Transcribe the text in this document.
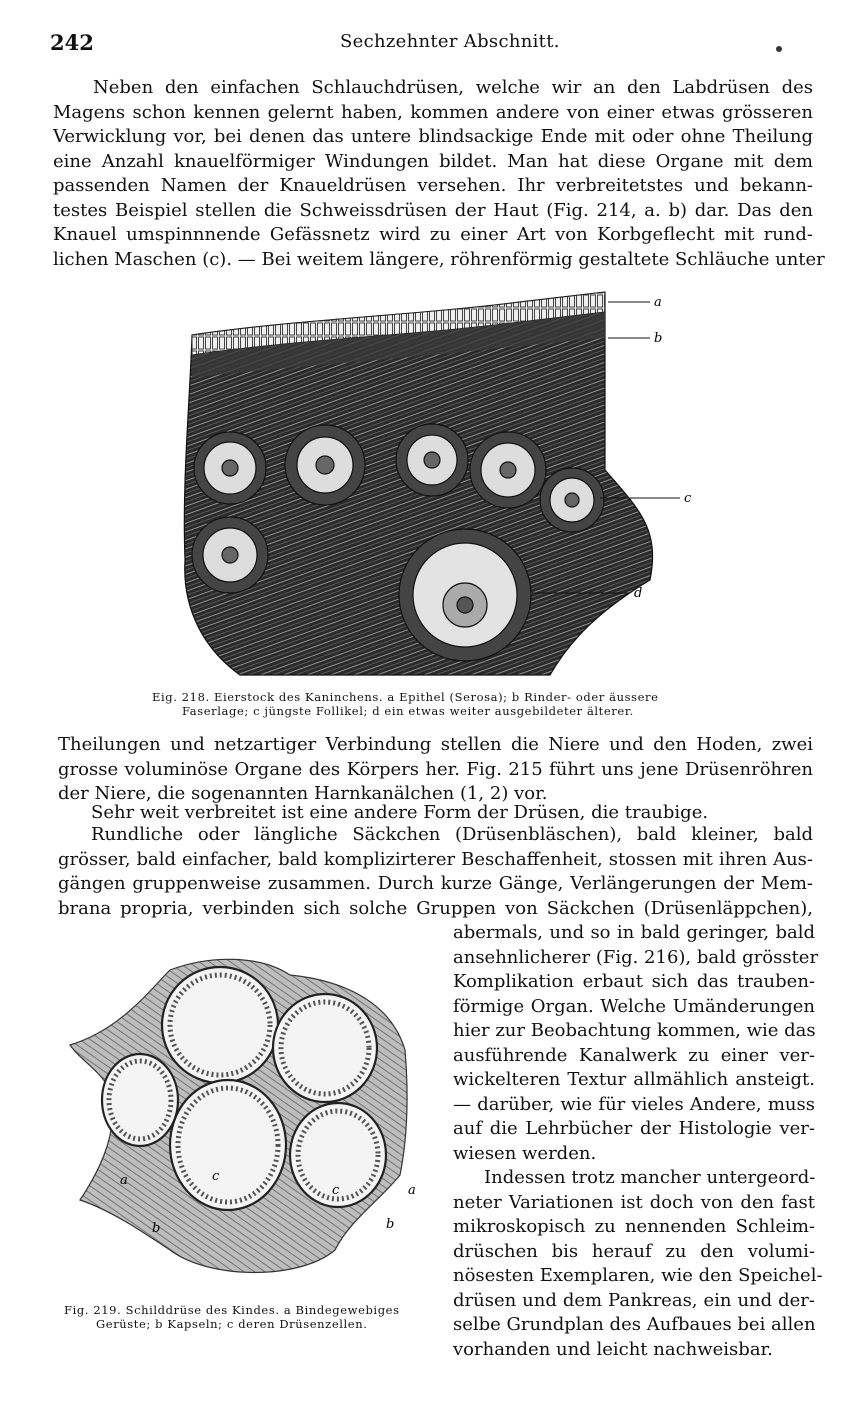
242	Sechzehnter Abschnitt.
Neben den einfachen Schlauchdrüsen, welche wir an den Labdrüsen des
Magens schon kennen gelernt haben, kommen andere von einer etwas grösseren
Verwicklung vor, bei denen das untere blindsackige Ende mit oder ohne Theilung
eine Anzahl knauelförmiger Windungen bildet. Man hat diese Organe mit dem
passenden Namen der Knaueldrüsen versehen. Ihr verbreitetstes und bekann-
testes Beispiel stellen die Schweissdrüsen der Haut (Fig. 214, a. b) dar. Das den
Knauel umspinnnende Gefässnetz wird zu einer Art von Korbgeflecht mit rund-
lichen Maschen (c). — Bei weitem längere, röhrenförmig gestaltete Schläuche unter
a
b
c
d
Eig. 218. Eierstock des Kaninchens. a Epithel (Serosa); b Rinder- oder äussere
Faserlage; c jüngste Follikel; d ein etwas weiter ausgebildeter älterer.
Theilungen und netzartiger Verbindung stellen die Niere und den Hoden, zwei
grosse voluminöse Organe des Körpers her. Fig. 215 führt uns jene Drüsenröhren
der Niere, die sogenannten Harnkanälchen (1, 2) vor.
Sehr weit verbreitet ist eine andere Form der Drüsen, die traubige.
Rundliche oder längliche Säckchen (Drüsenbläschen), bald kleiner, bald
grösser, bald einfacher, bald komplizirterer Beschaffenheit, stossen mit ihren Aus-
gängen gruppenweise zusammen. Durch kurze Gänge, Verlängerungen der Mem-
brana propria, verbinden sich solche Gruppen von Säckchen (Drüsenläppchen),
abermals, und so in bald geringer, bald
ansehnlicherer (Fig. 216), bald grösster
Komplikation erbaut sich das trauben-
förmige Organ. Welche Umänderungen
hier zur Beobachtung kommen, wie das
ausführende Kanalwerk zu einer ver-
wickelteren Textur allmählich ansteigt.
— darüber, wie für vieles Andere, muss
auf die Lehrbücher der Histologie ver-
wiesen werden.
Indessen trotz mancher untergeord-
neter Variationen ist doch von den fast
mikroskopisch zu nennenden Schleim-
drüschen bis herauf zu den volumi-
nösesten Exemplaren, wie den Speichel-
drüsen und dem Pankreas, ein und der-
selbe Grundplan des Aufbaues bei allen
vorhanden und leicht nachweisbar.
a	c
c	a
b	b
Fig. 219. Schilddrüse des Kindes. a Bindegewebiges
Gerüste; b Kapseln; c deren Drüsenzellen.
